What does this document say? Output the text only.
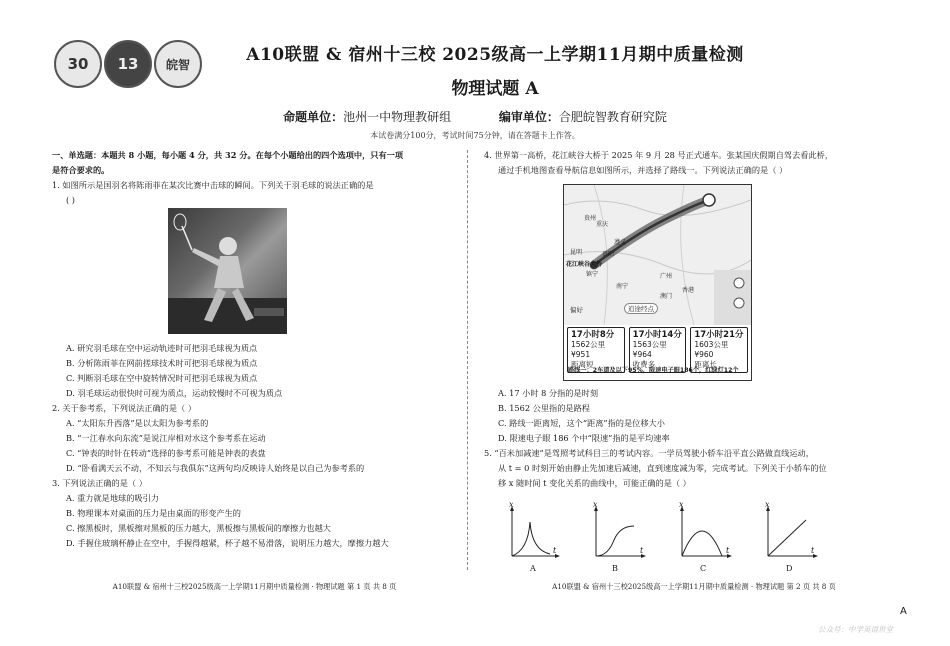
30 13 皖智	A10联盟 & 宿州十三校 2025级高一上学期11月期中质量检测
物理试题 A
命题单位：池州一中物理教研组	编审单位：合肥皖智教育研究院
本试卷满分100分，考试时间75分钟，请在答题卡上作答。

一、单选题：本题共 8 小题，每小题 4 分，共 32 分。在每个小题给出的四个选项中，只有一项

是符合要求的。

1. 如图所示是国羽名将陈雨菲在某次比赛中击球的瞬间。下列关于羽毛球的说法正确的是

( )

A. 研究羽毛球在空中运动轨迹时可把羽毛球视为质点

B. 分析陈雨菲在网前搓球技术时可把羽毛球视为质点

C. 判断羽毛球在空中旋转情况时可把羽毛球视为质点

D. 羽毛球运动很快时可视为质点，运动较慢时不可视为质点

2. 关于参考系，下列说法正确的是（ ）

A. “太阳东升西落”是以太阳为参考系的

B. “一江春水向东流”是说江岸相对水这个参考系在运动

C. “钟表的时针在转动”选择的参考系可能是钟表的表盘

D. “卧看满天云不动，不知云与我俱东”这两句均反映诗人始终是以自己为参考系的

3. 下列说法正确的是（ ）

A. 重力就是地球的吸引力

B. 物理课本对桌面的压力是由桌面的形变产生的

C. 擦黑板时，黑板擦对黑板的压力越大，黑板擦与黑板间的摩擦力也越大

D. 手握住玻璃杯静止在空中，手握得越紧，杯子越不易滑落，说明压力越大，摩擦力越大

A10联盟 & 宿州十三校2025级高一上学期11月期中质量检测 · 物理试题 第 1 页 共 8 页

4. 世界第一高桥，花江峡谷大桥于 2025 年 9 月 28 号正式通车。张某国庆假期自驾去看此桥，

通过手机地图查看导航信息如图所示，并选择了路线一。下列说法正确的是（ ）

贵州
重庆
遵义
贵阳
昆明
南宁
广州
澳门
香港
花江峡谷大桥
镇宁
偏好	追途经点
17小时8分
1562公里¥951
距离短
17小时14分
1563公里¥964
收费多
17小时21分
1603公里¥960
距离长
路线一：2车道及以下95%，限速电子眼186个，红绿灯12个

A. 17 小时 8 分指的是时刻

B. 1562 公里指的是路程

C. 路线一距离短，这个“距离”指的是位移大小

D. 限速电子眼 186 个中“限速”指的是平均速率

5. “百米加减速”是驾照考试科目三的考试内容。一学员驾驶小轿车沿平直公路做直线运动，

从 t = 0 时刻开始由静止先加速后减速，直到速度减为零，完成考试。下列关于小轿车的位

移 x 随时间 t 变化关系的曲线中，可能正确的是（ ）

x
t
A
x
t
B
x
t
C
x
t
D
A10联盟 & 宿州十三校2025级高一上学期11月期中质量检测 · 物理试题 第 2 页 共 8 页
A
公众号：中学英语世堂
